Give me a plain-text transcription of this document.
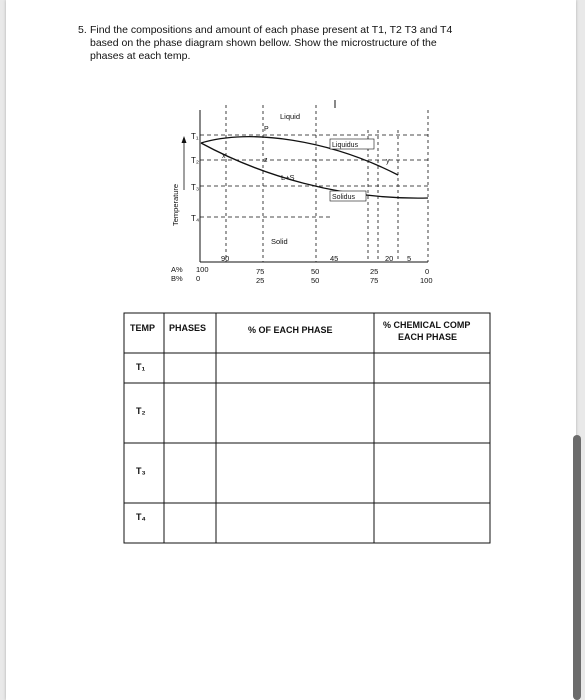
5. Find the compositions and amount of each phase present at T1, T2 T3 and T4
based on the phase diagram shown bellow. Show the microstructure of the
phases at each temp.
Temperature
T₁
T₂
T₃
T₄
Liquid
L+S
Solid
Liquidus
Solidus
P
x
z	y
90	45	20 5
A%
B%
100
0
75
25
50
50
25
75
0
100
TEMP PHASES	% OF EACH PHASE	% CHEMICAL COMP
EACH PHASE
T₁
T₂
T₃
T₄
